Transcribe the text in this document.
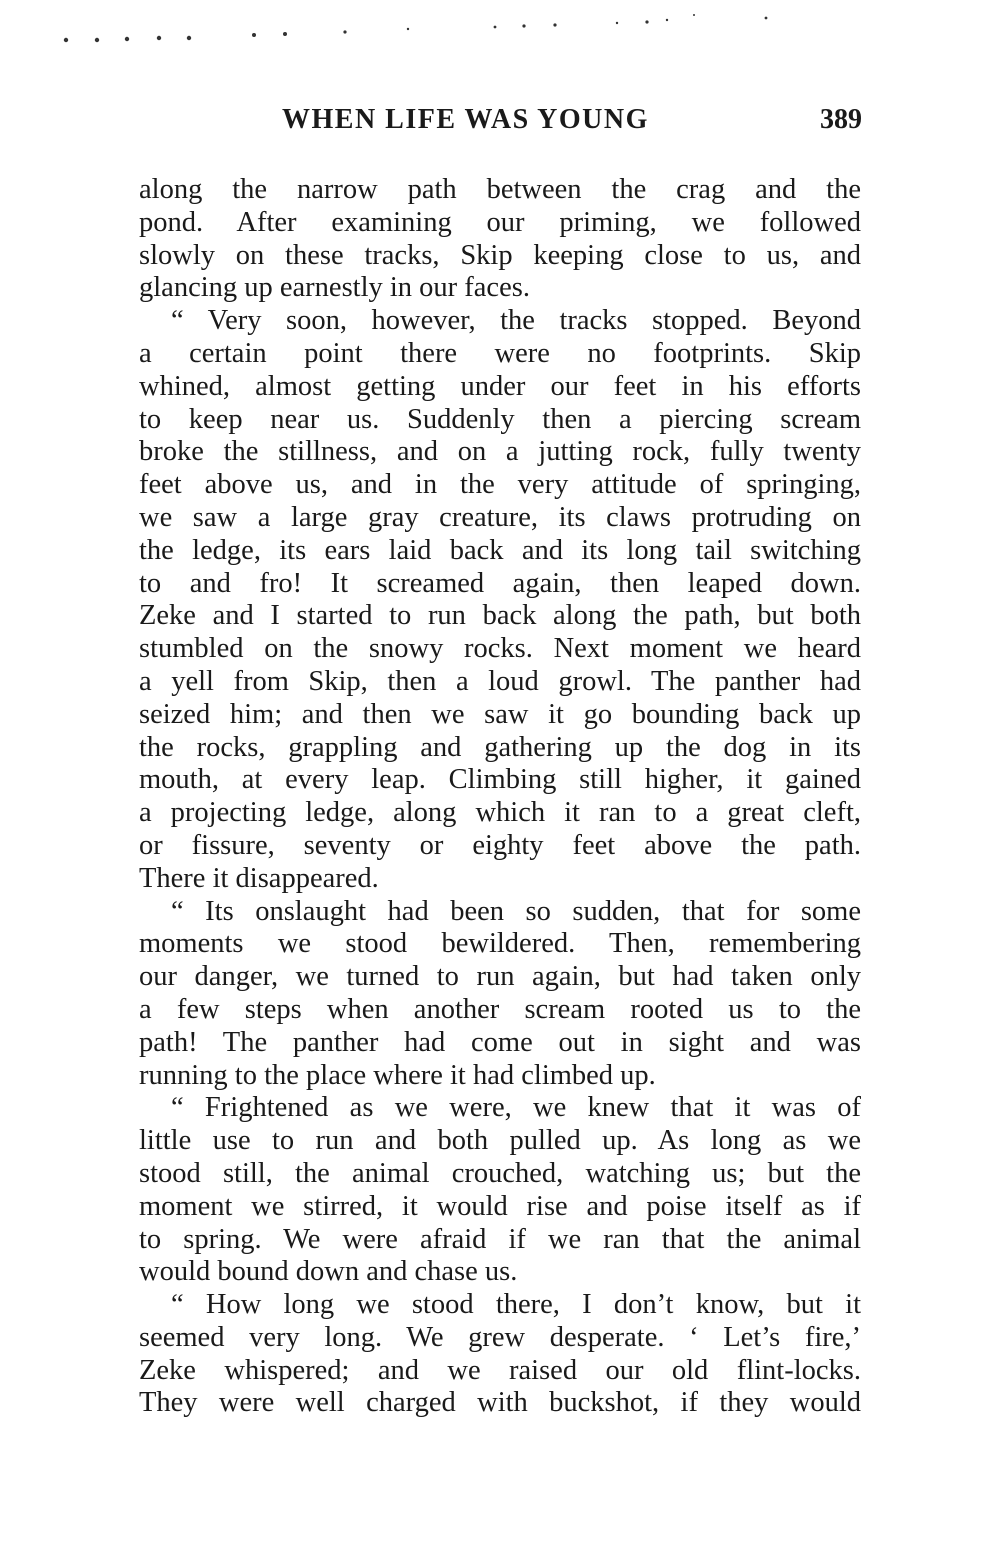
WHEN LIFE WAS YOUNG	389
along the narrow path between the crag and the
pond. After examining our priming, we followed
slowly on these tracks, Skip keeping close to us, and
glancing up earnestly in our faces.
“ Very soon, however, the tracks stopped. Beyond
a certain point there were no footprints. Skip
whined, almost getting under our feet in his efforts
to keep near us. Suddenly then a piercing scream
broke the stillness, and on a jutting rock, fully twenty
feet above us, and in the very attitude of springing,
we saw a large gray creature, its claws protruding on
the ledge, its ears laid back and its long tail switching
to and fro! It screamed again, then leaped down.
Zeke and I started to run back along the path, but both
stumbled on the snowy rocks. Next moment we heard
a yell from Skip, then a loud growl. The panther had
seized him; and then we saw it go bounding back up
the rocks, grappling and gathering up the dog in its
mouth, at every leap. Climbing still higher, it gained
a projecting ledge, along which it ran to a great cleft,
or fissure, seventy or eighty feet above the path.
There it disappeared.
“ Its onslaught had been so sudden, that for some
moments we stood bewildered. Then, remembering
our danger, we turned to run again, but had taken only
a few steps when another scream rooted us to the
path! The panther had come out in sight and was
running to the place where it had climbed up.
“ Frightened as we were, we knew that it was of
little use to run and both pulled up. As long as we
stood still, the animal crouched, watching us; but the
moment we stirred, it would rise and poise itself as if
to spring. We were afraid if we ran that the animal
would bound down and chase us.
“ How long we stood there, I don’t know, but it
seemed very long. We grew desperate. ‘ Let’s fire,’
Zeke whispered; and we raised our old flint-locks.
They were well charged with buckshot, if they would
